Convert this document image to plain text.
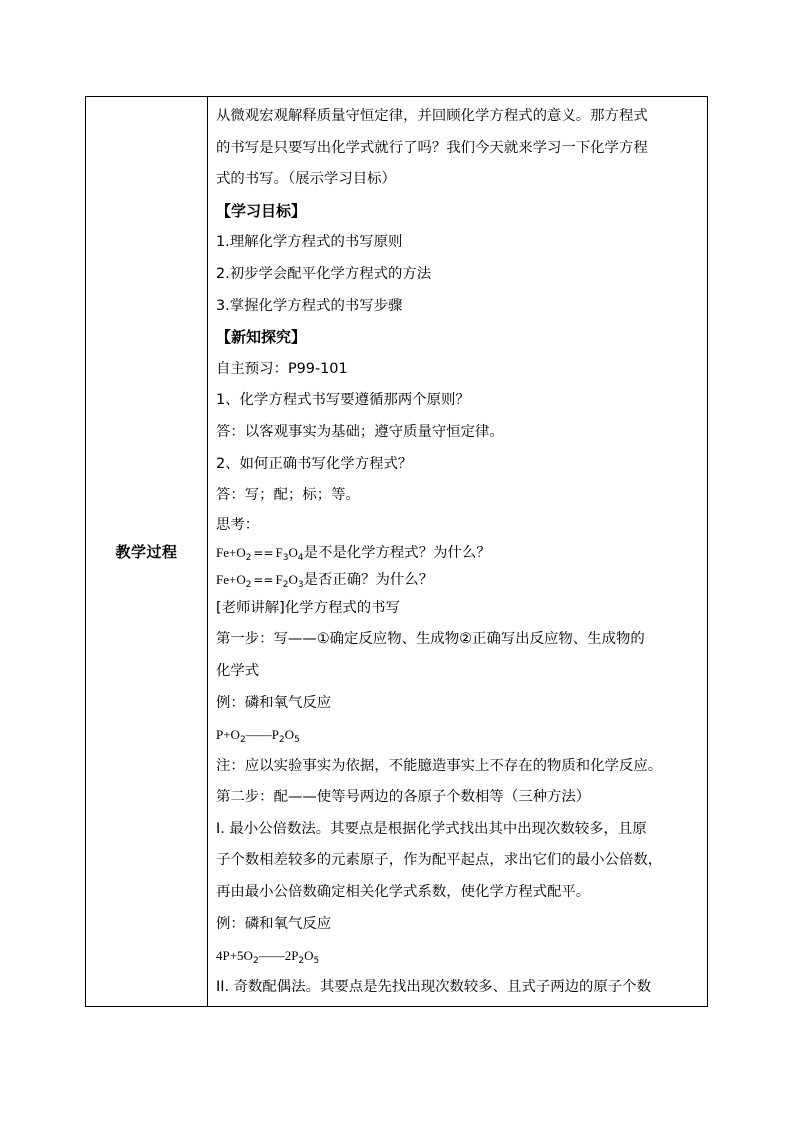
教学过程
从微观宏观解释质量守恒定律，并回顾化学方程式的意义。那方程式
的书写是只要写出化学式就行了吗？我们今天就来学习一下化学方程
式的书写。（展示学习目标）
【学习目标】
1.理解化学方程式的书写原则
2.初步学会配平化学方程式的方法
3.掌握化学方程式的书写步骤
【新知探究】
自主预习：P99-101
1、化学方程式书写要遵循那两个原则？
答：以客观事实为基础；遵守质量守恒定律。
2、如何正确书写化学方程式？
答：写；配；标；等。
思考：
$Fe+O_2 == F_3O_4$是不是化学方程式？为什么？
$Fe+O_2 == F_2O_3$是否正确？为什么？
[老师讲解]化学方程式的书写
第一步：写——①确定反应物、生成物②正确写出反应物、生成物的
化学式
例：磷和氧气反应
$P+O_2——P_2O_5$
注：应以实验事实为依据，不能臆造事实上不存在的物质和化学反应。
第二步：配——使等号两边的各原子个数相等（三种方法）
I. 最小公倍数法。其要点是根据化学式找出其中出现次数较多，且原
子个数相差较多的元素原子，作为配平起点，求出它们的最小公倍数，
再由最小公倍数确定相关化学式系数，使化学方程式配平。
例：磷和氧气反应
$4P+5O_2——2P_2O_5$
II. 奇数配偶法。其要点是先找出现次数较多、且式子两边的原子个数
